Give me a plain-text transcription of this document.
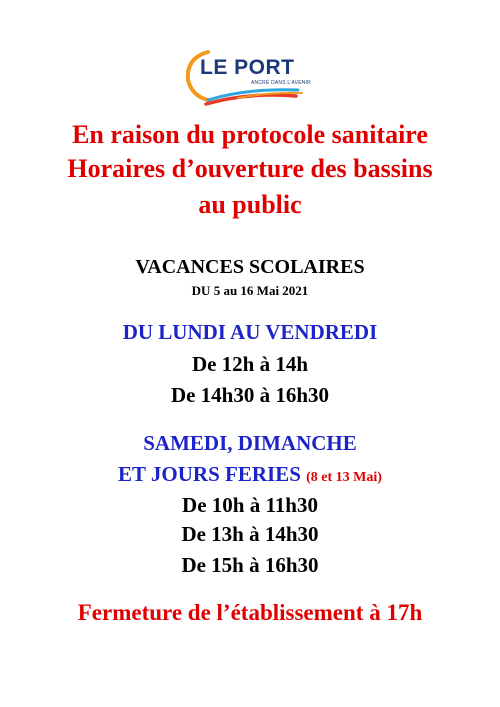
LE PORT
ANCRÉ DANS L'AVENIR
En raison du protocole sanitaire
Horaires d’ouverture des bassins
au public
VACANCES SCOLAIRES
DU 5 au 16 Mai 2021
DU LUNDI AU VENDREDI
De 12h à 14h
De 14h30 à 16h30
SAMEDI, DIMANCHE
ET JOURS FERIES (8 et 13 Mai)
De 10h à 11h30
De 13h à 14h30
De 15h à 16h30
Fermeture de l’établissement à 17h
